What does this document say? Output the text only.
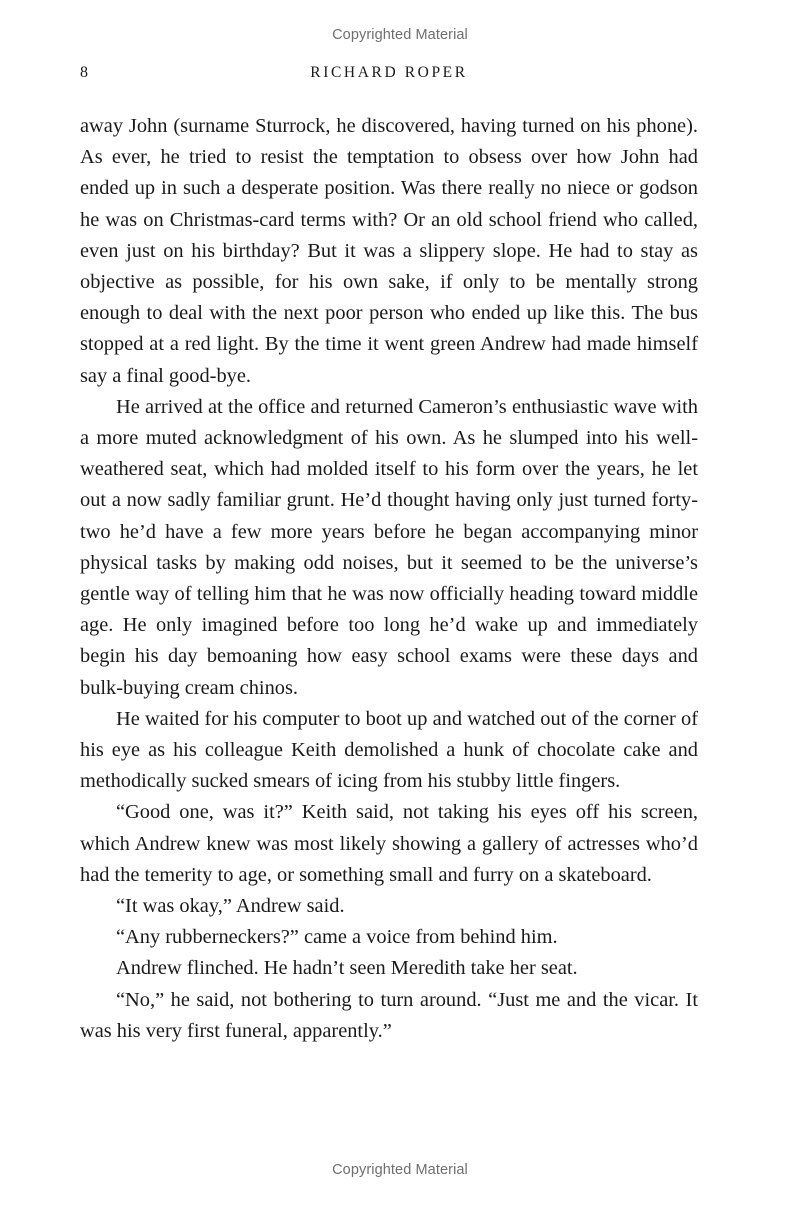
Copyrighted Material
8	RICHARD ROPER

away John (surname Sturrock, he discovered, having turned on his phone). As ever, he tried to resist the temptation to obsess over how John had ended up in such a desperate position. Was there really no niece or godson he was on Christmas-card terms with? Or an old school friend who called, even just on his birthday? But it was a slippery slope. He had to stay as objective as possible, for his own sake, if only to be mentally strong enough to deal with the next poor person who ended up like this. The bus stopped at a red light. By the time it went green Andrew had made himself say a final good-bye.

He arrived at the office and returned Cameron’s enthusiastic wave with a more muted acknowledgment of his own. As he slumped into his well-weathered seat, which had molded itself to his form over the years, he let out a now sadly familiar grunt. He’d thought having only just turned forty-two he’d have a few more years before he began accompanying minor physical tasks by making odd noises, but it seemed to be the universe’s gentle way of telling him that he was now officially heading toward middle age. He only imagined before too long he’d wake up and immediately begin his day bemoaning how easy school exams were these days and bulk-buying cream chinos.

He waited for his computer to boot up and watched out of the corner of his eye as his colleague Keith demolished a hunk of chocolate cake and methodically sucked smears of icing from his stubby little fingers.

“Good one, was it?” Keith said, not taking his eyes off his screen, which Andrew knew was most likely showing a gallery of actresses who’d had the temerity to age, or something small and furry on a skateboard.

“It was okay,” Andrew said.

“Any rubberneckers?” came a voice from behind him.

Andrew flinched. He hadn’t seen Meredith take her seat.

“No,” he said, not bothering to turn around. “Just me and the vicar. It was his very first funeral, apparently.”

Copyrighted Material
